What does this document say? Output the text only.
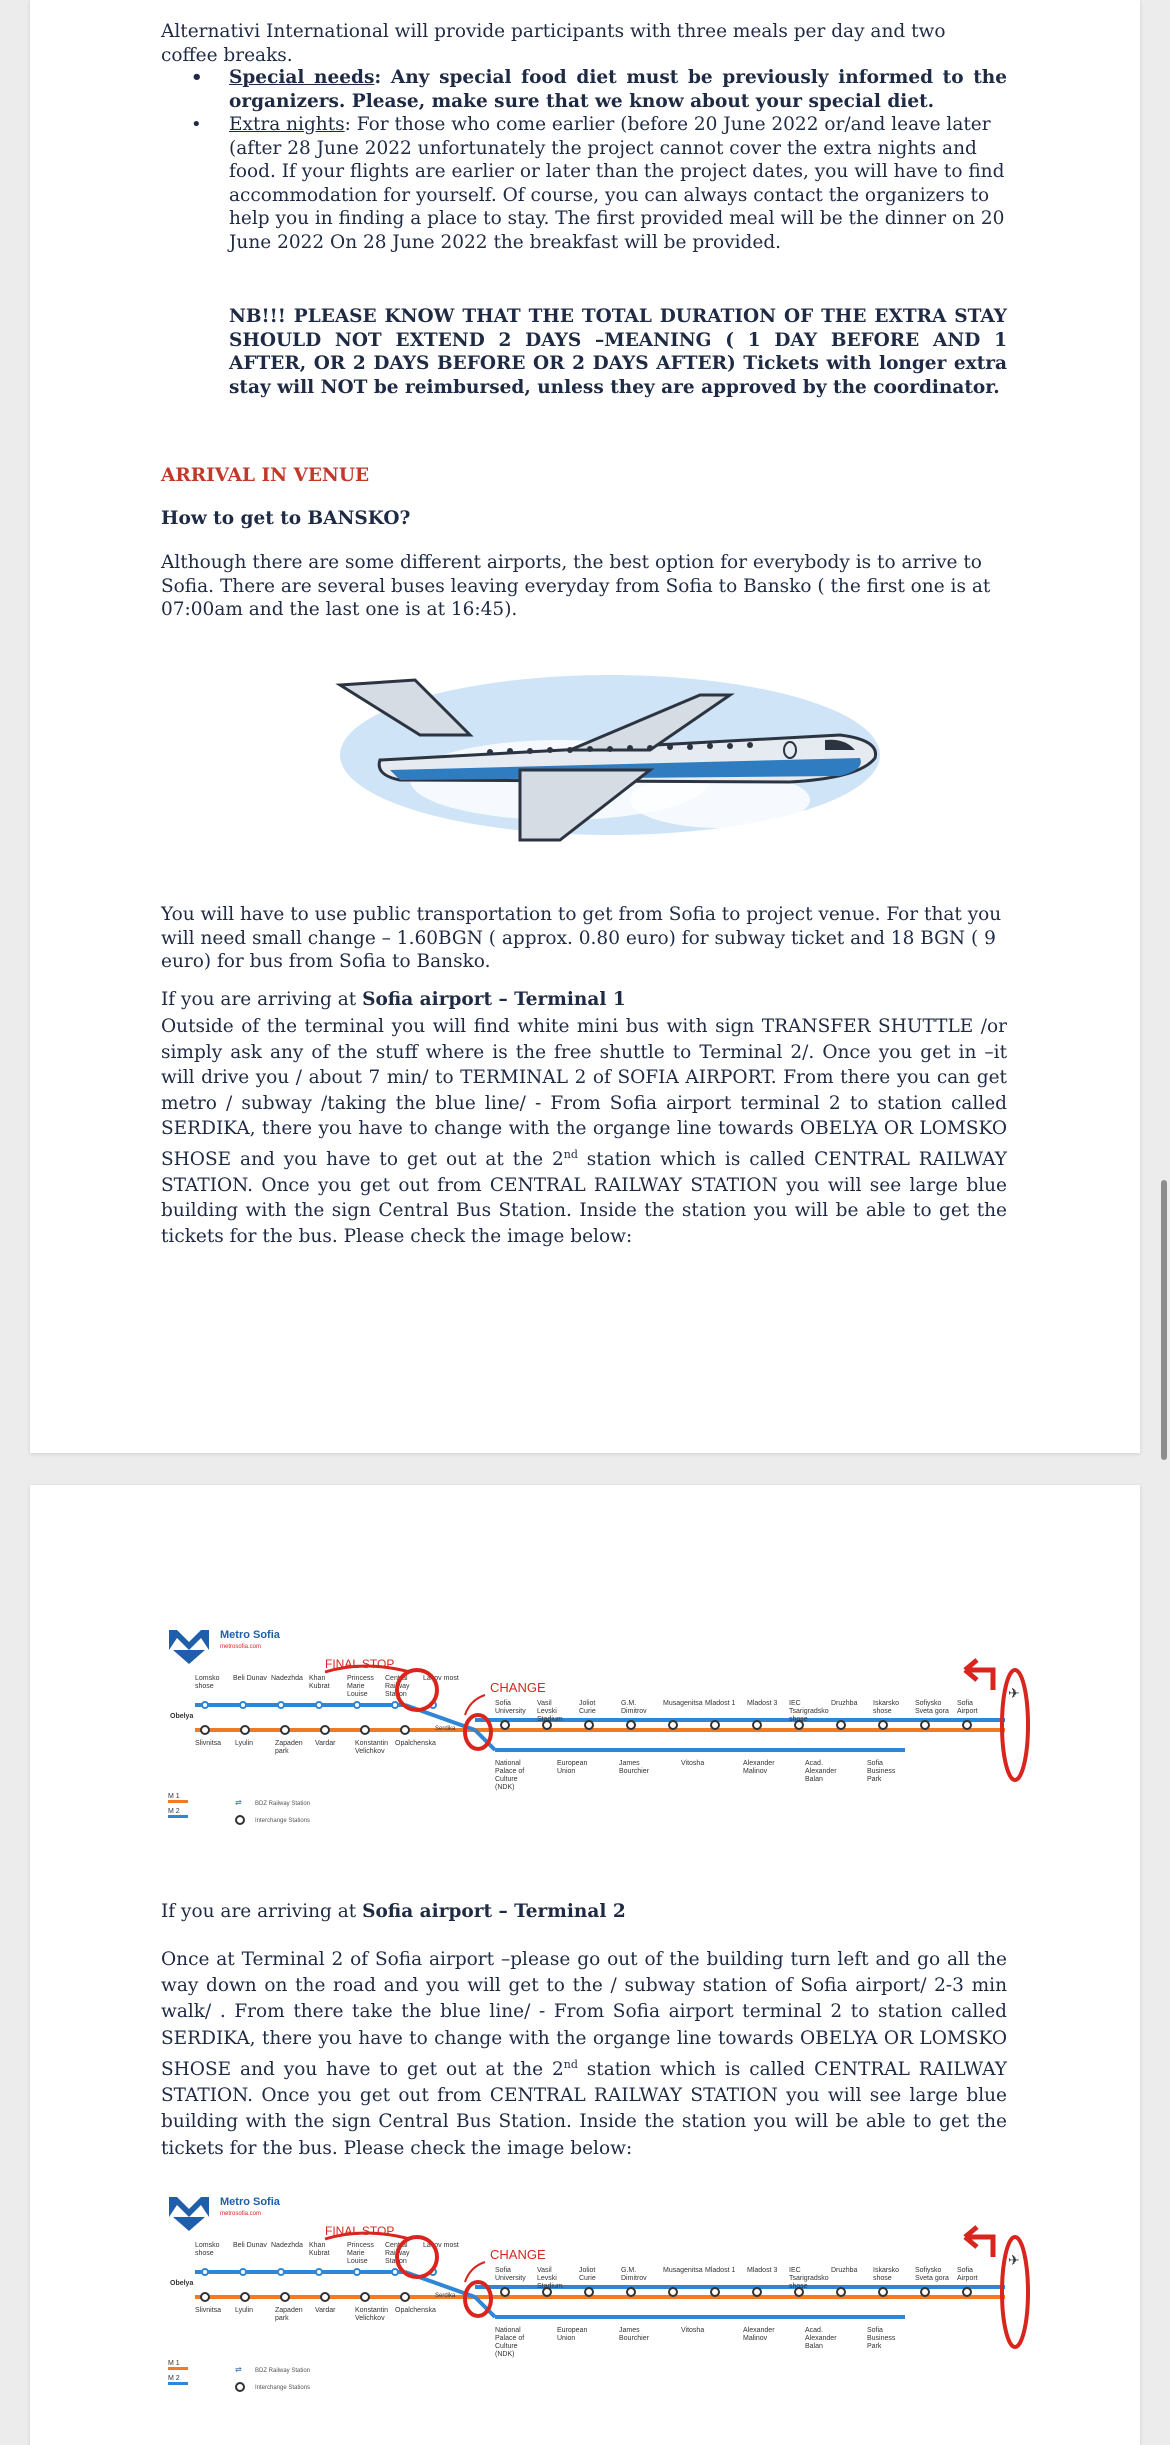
Alternativi International will provide participants with three meals per day and two coffee breaks.
• Special needs: Any special food diet must be previously informed to the organizers. Please, make sure that we know about your special diet.
• Extra nights: For those who come earlier (before 20 June 2022 or/and leave later (after 28 June 2022 unfortunately the project cannot cover the extra nights and food. If your flights are earlier or later than the project dates, you will have to find accommodation for yourself. Of course, you can always contact the organizers to help you in finding a place to stay. The first provided meal will be the dinner on 20 June 2022 On 28 June 2022 the breakfast will be provided.
NB!!! PLEASE KNOW THAT THE TOTAL DURATION OF THE EXTRA STAY SHOULD NOT EXTEND 2 DAYS –MEANING ( 1 DAY BEFORE AND 1 AFTER, OR 2 DAYS BEFORE OR 2 DAYS AFTER) Tickets with longer extra stay will NOT be reimbursed, unless they are approved by the coordinator.
ARRIVAL IN VENUE
How to get to BANSKO?
Although there are some different airports, the best option for everybody is to arrive to Sofia. There are several buses leaving everyday from Sofia to Bansko ( the first one is at 07:00am and the last one is at 16:45).
You will have to use public transportation to get from Sofia to project venue. For that you will need small change – 1.60BGN ( approx. 0.80 euro) for subway ticket and 18 BGN ( 9 euro) for bus from Sofia to Bansko.
If you are arriving at Sofia airport – Terminal 1
Outside of the terminal you will find white mini bus with sign TRANSFER SHUTTLE /or simply ask any of the stuff where is the free shuttle to Terminal 2/. Once you get in –it will drive you / about 7 min/ to TERMINAL 2 of SOFIA AIRPORT. From there you can get metro / subway /taking the blue line/ - From Sofia airport terminal 2 to station called SERDIKA, there you have to change with the organge line towards OBELYA OR LOMSKO SHOSE and you have to get out at the 2nd station which is called CENTRAL RAILWAY STATION. Once you get out from CENTRAL RAILWAY STATION you will see large blue building with the sign Central Bus Station. Inside the station you will be able to get the tickets for the bus. Please check the image below:
Metro Sofia
metrosofia.com
Lomsko shose
Beli Dunav Nadezhda Khan Kubrat
Princess Marie Louise
Central Railway Station
Lavov most
Obelya
Slivnitsa Lyulin	Zapaden park
Vardar	Konstantin Velichkov
Opalchenska
Serdika
Sofia University
Vasil Levski Stadium
Joliot Curie
G.M. Dimitrov
Musagenitsa Mladost 1 Mladost 3 IEC Tsarigradsko shose
Druzhba Iskarsko shose
Sofiysko Sveta gora
Sofia Airport
National Palace of Culture (NDK)
European Union
James Bourchier
Vitosha	Alexander Malinov
Acad. Alexander Balan
Sofia Business Park
FINAL STOP
CHANGE	✈
M 1
M 2
⇌ BDZ Railway Station
Interchange Stations
If you are arriving at Sofia airport – Terminal 2
Once at Terminal 2 of Sofia airport –please go out of the building turn left and go all the way down on the road and you will get to the / subway station of Sofia airport/ 2-3 min walk/ . From there take the blue line/ - From Sofia airport terminal 2 to station called SERDIKA, there you have to change with the organge line towards OBELYA OR LOMSKO SHOSE and you have to get out at the 2nd station which is called CENTRAL RAILWAY STATION. Once you get out from CENTRAL RAILWAY STATION you will see large blue building with the sign Central Bus Station. Inside the station you will be able to get the tickets for the bus. Please check the image below:
Metro Sofia
metrosofia.com
Lomsko shose
Beli Dunav Nadezhda Khan Kubrat
Princess Marie Louise
Central Railway Station
Lavov most
Obelya
Slivnitsa Lyulin	Zapaden park
Vardar	Konstantin Velichkov
Opalchenska
Serdika
Sofia University
Vasil Levski Stadium
Joliot Curie
G.M. Dimitrov
Musagenitsa Mladost 1 Mladost 3 IEC Tsarigradsko shose
Druzhba Iskarsko shose
Sofiysko Sveta gora
Sofia Airport
National Palace of Culture (NDK)
European Union
James Bourchier
Vitosha	Alexander Malinov
Acad. Alexander Balan
Sofia Business Park
FINAL STOP
CHANGE	✈
M 1
M 2
⇌ BDZ Railway Station
Interchange Stations
